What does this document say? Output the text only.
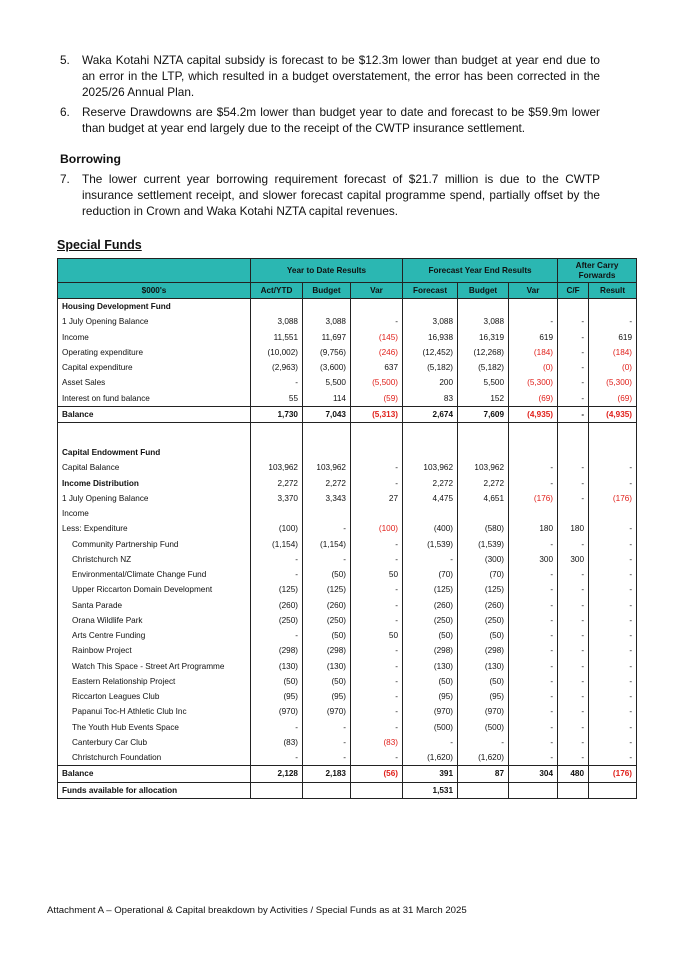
5.	Waka Kotahi NZTA capital subsidy is forecast to be $12.3m lower than budget at year end due to an error in the LTP, which resulted in a budget overstatement, the error has been corrected in the 2025/26 Annual Plan.
6.	Reserve Drawdowns are $54.2m lower than budget year to date and forecast to be $59.9m lower than budget at year end largely due to the receipt of the CWTP insurance settlement.
Borrowing
7.	The lower current year borrowing requirement forecast of $21.7 million is due to the CWTP insurance settlement receipt, and slower forecast capital programme spend, partially offset by the reduction in Crown and Waka Kotahi NZTA capital revenues.
Special Funds
	Year to Date Results			Forecast Year End Results			After Carry Forwards	
$000's	Act/YTD	Budget	Var	Forecast	Budget	Var	C/F	Result
Housing Development Fund								
1 July Opening Balance	3,088	3,088	-	3,088	3,088	-	-	-
Income	11,551	11,697	(145)	16,938	16,319	619	-	619
Operating expenditure	(10,002)	(9,756)	(246)	(12,452)	(12,268)	(184)	-	(184)
Capital expenditure	(2,963)	(3,600)	637	(5,182)	(5,182)	(0)	-	(0)
Asset Sales	-	5,500	(5,500)	200	5,500	(5,300)	-	(5,300)
Interest on fund balance	55	114	(59)	83	152	(69)	-	(69)
Balance	1,730	7,043	(5,313)	2,674	7,609	(4,935)	-	(4,935)

Capital Endowment Fund								
Capital Balance	103,962	103,962	-	103,962	103,962	-	-	-
Income Distribution	2,272	2,272	-	2,272	2,272	-	-	-
1 July Opening Balance	3,370	3,343	27	4,475	4,651	(176)	-	(176)
Income								
Less: Expenditure	(100)	-	(100)	(400)	(580)	180	180	-
Community Partnership Fund	(1,154)	(1,154)	-	(1,539)	(1,539)	-	-	-
Christchurch NZ	-	-	-	-	(300)	300	300	-
Environmental/Climate Change Fund	-	(50)	50	(70)	(70)	-	-	-
Upper Riccarton Domain Development	(125)	(125)	-	(125)	(125)	-	-	-
Santa Parade	(260)	(260)	-	(260)	(260)	-	-	-
Orana Wildlife Park	(250)	(250)	-	(250)	(250)	-	-	-
Arts Centre Funding	-	(50)	50	(50)	(50)	-	-	-
Rainbow Project	(298)	(298)	-	(298)	(298)	-	-	-
Watch This Space - Street Art Programme	(130)	(130)	-	(130)	(130)	-	-	-
Eastern Relationship Project	(50)	(50)	-	(50)	(50)	-	-	-
Riccarton Leagues Club	(95)	(95)	-	(95)	(95)	-	-	-
Papanui Toc-H Athletic Club Inc	(970)	(970)	-	(970)	(970)	-	-	-
The Youth Hub Events Space	-	-	-	(500)	(500)	-	-	-
Canterbury Car Club	(83)	-	(83)	-	-	-	-	-
Christchurch Foundation	-	-	-	(1,620)	(1,620)	-	-	-
Balance	2,128	2,183	(56)	391	87	304	480	(176)
Funds available for allocation				1,531				
Attachment A – Operational & Capital breakdown by Activities / Special Funds as at 31 March 2025
